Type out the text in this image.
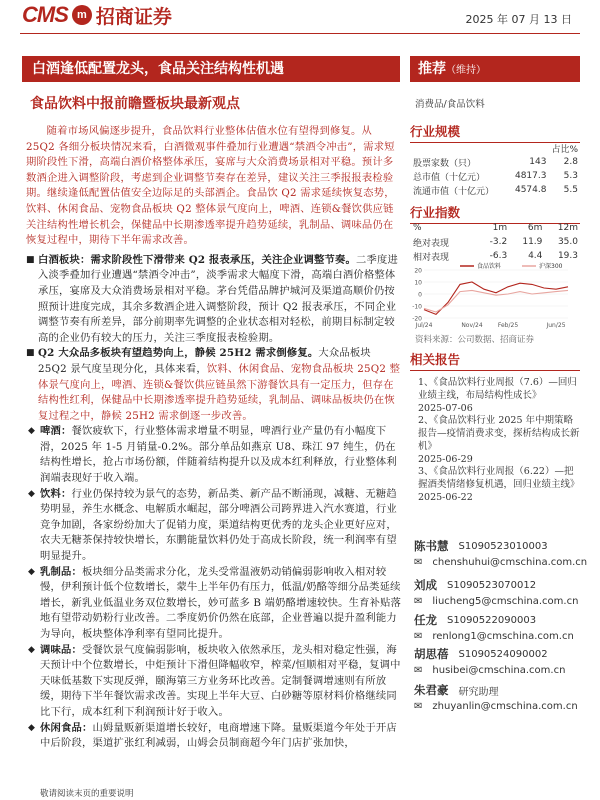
CMS m 招商证券	2025 年 07 月 13 日
白酒逢低配置龙头，食品关注结构性机遇	推荐（维持）
食品饮料中报前瞻暨板块最新观点	消费品/食品饮料

随着市场风偏逐步提升，食品饮料行业整体估值水位有望得到修复。从 25Q2 各细分板块情况来看，白酒微观事件叠加行业遭遇“禁酒令冲击”，需求短期阶段性下滑，高端白酒价格整体承压，宴席与大众消费场景相对平稳。预计多数酒企进入调整阶段，考虑到企业调整节奏存在差异，建议关注三季报报表检验期。继续逢低配置估值安全边际足的头部酒企。食品饮 Q2 需求延续恢复态势，饮料、休闲食品、宠物食品板块 Q2 整体景气度向上，啤酒、连锁&餐饮供应链关注结构性增长机会，保健品中长期渗透率提升趋势延续，乳制品、调味品仍在恢复过程中，期待下半年需求改善。

■ 白酒板块：需求阶段性下滑带来 Q2 报表承压，关注企业调整节奏。二季度进入淡季叠加行业遭遇“禁酒令冲击”，淡季需求大幅度下滑，高端白酒价格整体承压，宴席及大众消费场景相对平稳。茅台凭借品牌护城河及渠道高顺价仍按照预计进度完成，其余多数酒企进入调整阶段，预计 Q2 报表承压，不同企业调整节奏有所差异，部分前期率先调整的企业状态相对轻松，前期目标制定较高的企业仍有较大的压力，关注三季度报表检验期。
■ Q2 大众品多板块有望趋势向上，静候 25H2 需求倒修复。大众品板块 25Q2 景气度呈现分化，具体来看，饮料、休闲食品、宠物食品板块 25Q2 整体景气度向上，啤酒、连锁&餐饮供应链虽然下游餐饮具有一定压力，但存在结构性红利，保健品中长期渗透率提升趋势延续，乳制品、调味品板块仍在恢复过程之中，静候 25H2 需求倒逐一步改善。
◆ 啤酒：餐饮疲软下，行业整体需求增量不明显，啤酒行业产量仍有小幅度下滑，2025 年 1-5 月销量-0.2%。部分单品如燕京 U8、珠江 97 纯生，仍在结构性增长，抢占市场份额，伴随着结构提升以及成本红利释放，行业整体利润端表现好于收入端。
◆ 饮料：行业仍保持较为景气的态势，新品类、新产品不断涌现，减糖、无糖趋势明显，养生水概念、电解质水崛起，部分啤酒公司跨界进入汽水赛道，行业竞争加剧，各家纷纷加大了促销力度，渠道结构更优秀的龙头企业更好应对，农夫无糖茶保持较快增长，东鹏能量饮料仍处于高成长阶段，统一利润率有望明显提升。
◆ 乳制品：板块细分品类需求分化，龙头受常温液奶动销偏弱影响收入相对较慢，伊利预计低个位数增长，蒙牛上半年仍有压力，低温/奶酪等细分品类延续增长，新乳业低温业务双位数增长，妙可蓝多 B 端奶酪增速较快。生育补贴落地有望带动奶粉行业改善。二季度奶价仍然在底部，企业普遍以提升盈利能力为导向，板块整体净利率有望同比提升。
◆ 调味品：受餐饮景气度偏弱影响，板块收入依然承压，龙头相对稳定性强，海天预计中个位数增长，中炬预计下滑但降幅收窄，榨菜/恒顺相对平稳，复调中天味低基数下实现反弹，颐海第三方业务环比改善。定制餐调增速则有所放缓，期待下半年餐饮需求改善。实现上半年大豆、白砂糖等原材料价格继续同比下行，成本红利下利润预计好于收入。
◆ 休闲食品：山姆量贩新渠道增长较好，电商增速下降。量贩渠道今年处于开店中后阶段，渠道扩张红利减弱，山姆会员制商超今年门店扩张加快，
行业规模
		占比%
股票家数（只）	143	2.8
总市值（十亿元）	4817.3	5.3
流通市值（十亿元）	4574.8	5.5
行业指数
%	1m	6m	12m
绝对表现	-3.2	11.9	35.0
相对表现	-6.3	4.4	19.3
20
10
0
-10
-20
Jul/24	Nov/24	Feb/25	Jun/25
食品饮料	沪深300
资料来源：公司数据、招商证券
相关报告
1、《食品饮料行业周报（7.6）—回归业绩主线，布局结构性成长》
2025-07-06
2、《食品饮料行业 2025 年中期策略报告—疫情消费求变，探析结构成长新机》
2025-06-29
3、《食品饮料行业周报（6.22）—把握酒类情绪修复机遇，回归业绩主线》
2025-06-22
陈书慧 S1090523010003
✉ chenshuhui@cmschina.com.cn
刘成 S1090523070012
✉ liucheng5@cmschina.com.cn
任龙 S1090522090003
✉ renlong1@cmschina.com.cn
胡思蓓 S1090524090002
✉ husibei@cmschina.com.cn
朱君豪 研究助理
✉ zhuyanlin@cmschina.com.cn
敬请阅读末页的重要说明
